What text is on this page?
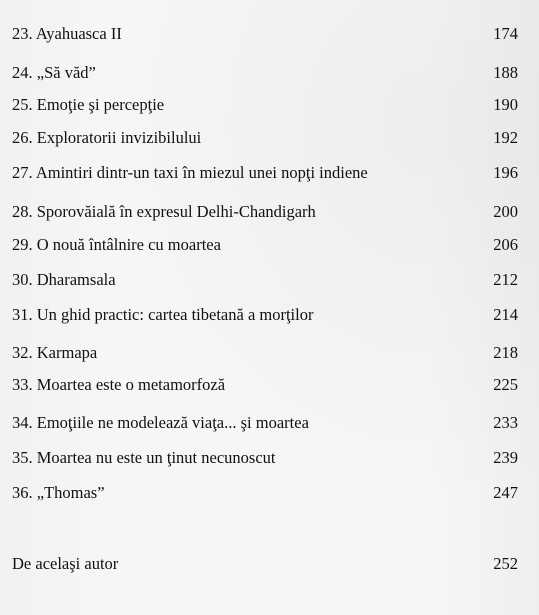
23. Ayahuasca II	174
24. „Să văd”	188
25. Emoţie şi percepţie	190
26. Exploratorii invizibilului	192
27. Amintiri dintr-un taxi în miezul unei nopţi indiene	196
28. Sporovăială în expresul Delhi-Chandigarh	200
29. O nouă întâlnire cu moartea	206
30. Dharamsala	212
31. Un ghid practic: cartea tibetană a morţilor	214
32. Karmapa	218
33. Moartea este o metamorfoză	225
34. Emoţiile ne modelează viaţa... şi moartea	233
35. Moartea nu este un ţinut necunoscut	239
36. „Thomas”	247
De acelaşi autor	252
